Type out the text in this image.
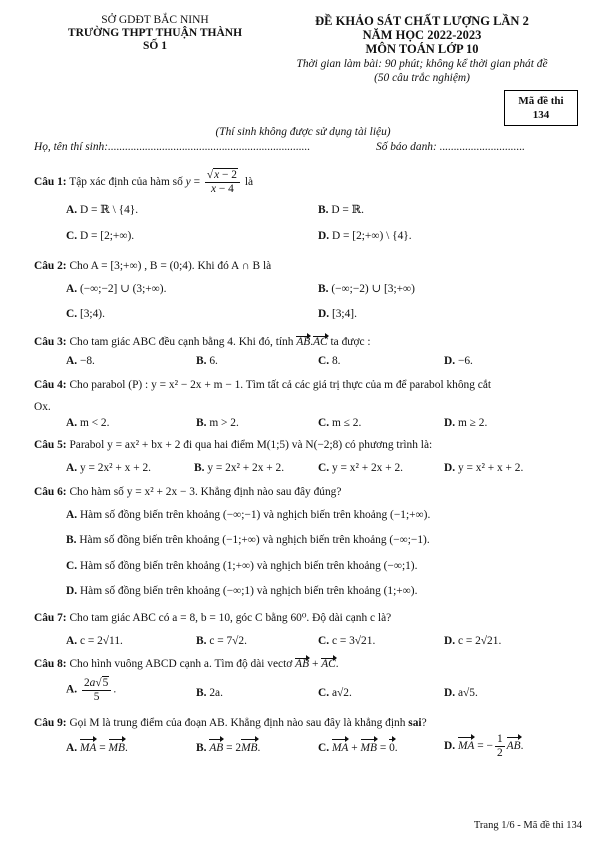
SỞ GDĐT BẮC NINH
TRƯỜNG THPT THUẬN THÀNH
SỐ 1
ĐỀ KHẢO SÁT CHẤT LƯỢNG LẦN 2
NĂM HỌC 2022-2023
MÔN TOÁN LỚP 10
Thời gian làm bài: 90 phút; không kể thời gian phát đề
(50 câu trắc nghiệm)
Mã đề thi
134
(Thí sinh không được sử dụng tài liệu)
Họ, tên thí sinh:.......................................................................	Số báo danh: ..............................
Câu 1: Tập xác định của hàm số $y = \frac{√x - 2}{x - 4}$ là
A. D = ℝ \ {4}.	B. D = ℝ.
C. D = [2;+∞).	D. D = [2;+∞) \ {4}.
Câu 2: Cho A = [3;+∞) , B = (0;4). Khi đó A ∩ B là
A. (−∞;−2] ∪ (3;+∞).	B. (−∞;−2) ∪ [3;+∞)
C. [3;4).	D. [3;4].
Câu 3: Cho tam giác ABC đều cạnh bằng 4. Khi đó, tính AB.AC ta được :
A. −8.	B. 6.	C. 8.	D. −6.
Câu 4: Cho parabol (P) : y = x² − 2x + m − 1. Tìm tất cả các giá trị thực của m để parabol không cắt
Ox.
A. m < 2.	B. m > 2.	C. m ≤ 2.	D. m ≥ 2.
Câu 5: Parabol y = ax² + bx + 2 đi qua hai điểm M(1;5) và N(−2;8) có phương trình là:
A. y = 2x² + x + 2.	B. y = 2x² + 2x + 2.	C. y = x² + 2x + 2.	D. y = x² + x + 2.
Câu 6: Cho hàm số y = x² + 2x − 3. Khẳng định nào sau đây đúng?
A. Hàm số đồng biến trên khoảng (−∞;−1) và nghịch biến trên khoảng (−1;+∞).
B. Hàm số đồng biến trên khoảng (−1;+∞) và nghịch biến trên khoảng (−∞;−1).
C. Hàm số đồng biến trên khoảng (1;+∞) và nghịch biến trên khoảng (−∞;1).
D. Hàm số đồng biến trên khoảng (−∞;1) và nghịch biến trên khoảng (1;+∞).
Câu 7: Cho tam giác ABC có a = 8, b = 10, góc C bằng 60⁰. Độ dài cạnh c là?
A. c = 2√11.	B. c = 7√2.	C. c = 3√21.	D. c = 2√21.
Câu 8: Cho hình vuông ABCD cạnh a. Tìm độ dài vectơ AB + AC.
A. $\frac{2a√5}{5}$ .	B. 2a.	C. a√2.	D. a√5.
Câu 9: Gọi M là trung điểm của đoạn AB. Khẳng định nào sau đây là khẳng định sai?
A. MA = MB.	B. AB = 2MB.	C. MA + MB = 0.	D. MA = − $\frac{1}{2}$ AB.
Trang 1/6 - Mã đề thi 134
